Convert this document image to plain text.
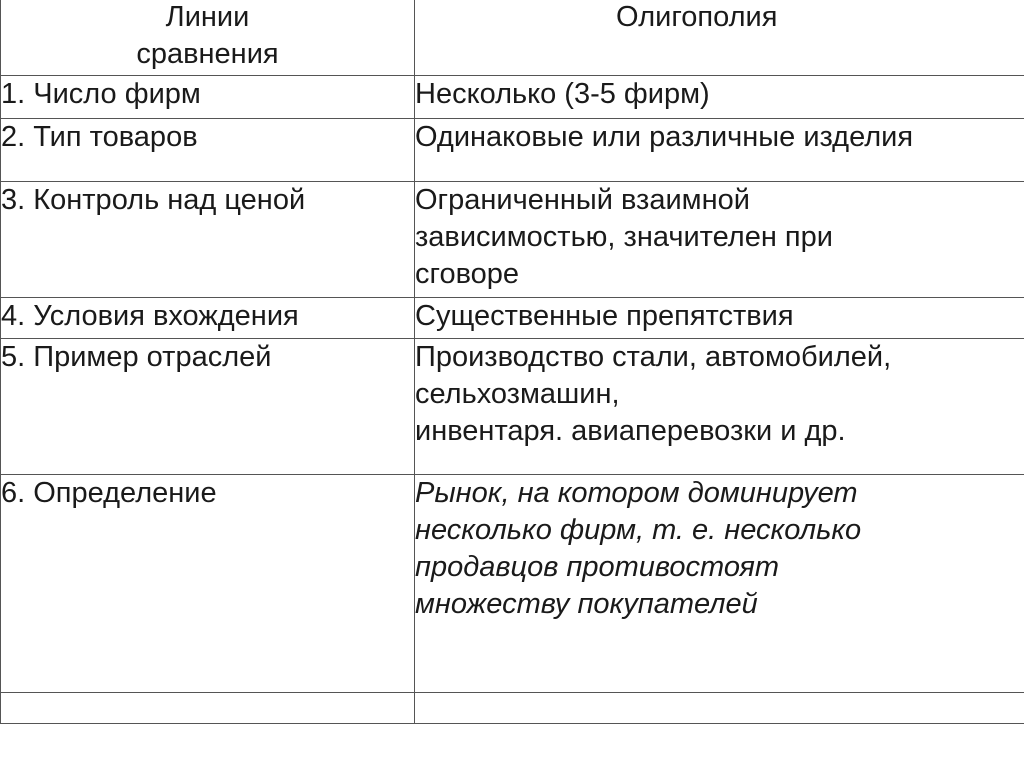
Линии
сравнения	Олигополия

1. Число фирм	Несколько (3-5 фирм)

2. Тип товаров	Одинаковые или различные изделия

3. Контроль над ценой	Ограниченный взаимной
зависимостью, значителен при
сговоре

4. Условия вхождения	Существенные препятствия

5. Пример отраслей	Производство стали, автомобилей,
сельхозмашин,
инвентаря. авиаперевозки и др.

6. Определение	Рынок, на котором доминирует
несколько фирм, т. е. несколько
продавцов противостоят
множеству покупателей
